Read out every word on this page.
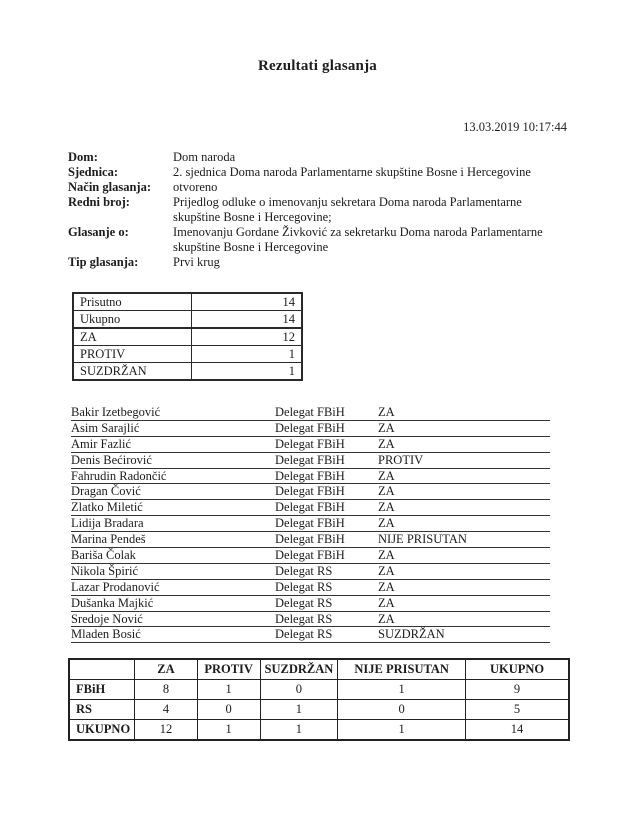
Rezultati glasanja
13.03.2019 10:17:44
Dom:	Dom naroda
Sjednica:	2. sjednica Doma naroda Parlamentarne skupštine Bosne i Hercegovine
Način glasanja:	otvoreno
Redni broj:	Prijedlog odluke o imenovanju sekretara Doma naroda Parlamentarne skupštine Bosne i Hercegovine;
Glasanje o:	Imenovanju Gordane Živković za sekretarku Doma naroda Parlamentarne skupštine Bosne i Hercegovine
Tip glasanja:	Prvi krug
Prisutno	14
Ukupno	14
ZA	12
PROTIV	1
SUZDRŽAN	1
Bakir Izetbegović	Delegat FBiH	ZA
Asim Sarajlić	Delegat FBiH	ZA
Amir Fazlić	Delegat FBiH	ZA
Denis Bećirović	Delegat FBiH	PROTIV
Fahrudin Radončić	Delegat FBiH	ZA
Dragan Čović	Delegat FBiH	ZA
Zlatko Miletić	Delegat FBiH	ZA
Lidija Bradara	Delegat FBiH	ZA
Marina Pendeš	Delegat FBiH	NIJE PRISUTAN
Bariša Čolak	Delegat FBiH	ZA
Nikola Špirić	Delegat RS	ZA
Lazar Prodanović	Delegat RS	ZA
Dušanka Majkić	Delegat RS	ZA
Sredoje Nović	Delegat RS	ZA
Mladen Bosić	Delegat RS	SUZDRŽAN
	ZA	PROTIV	SUZDRŽAN	NIJE PRISUTAN	UKUPNO
FBiH	8	1	0	1	9
RS	4	0	1	0	5
UKUPNO	12	1	1	1	14
